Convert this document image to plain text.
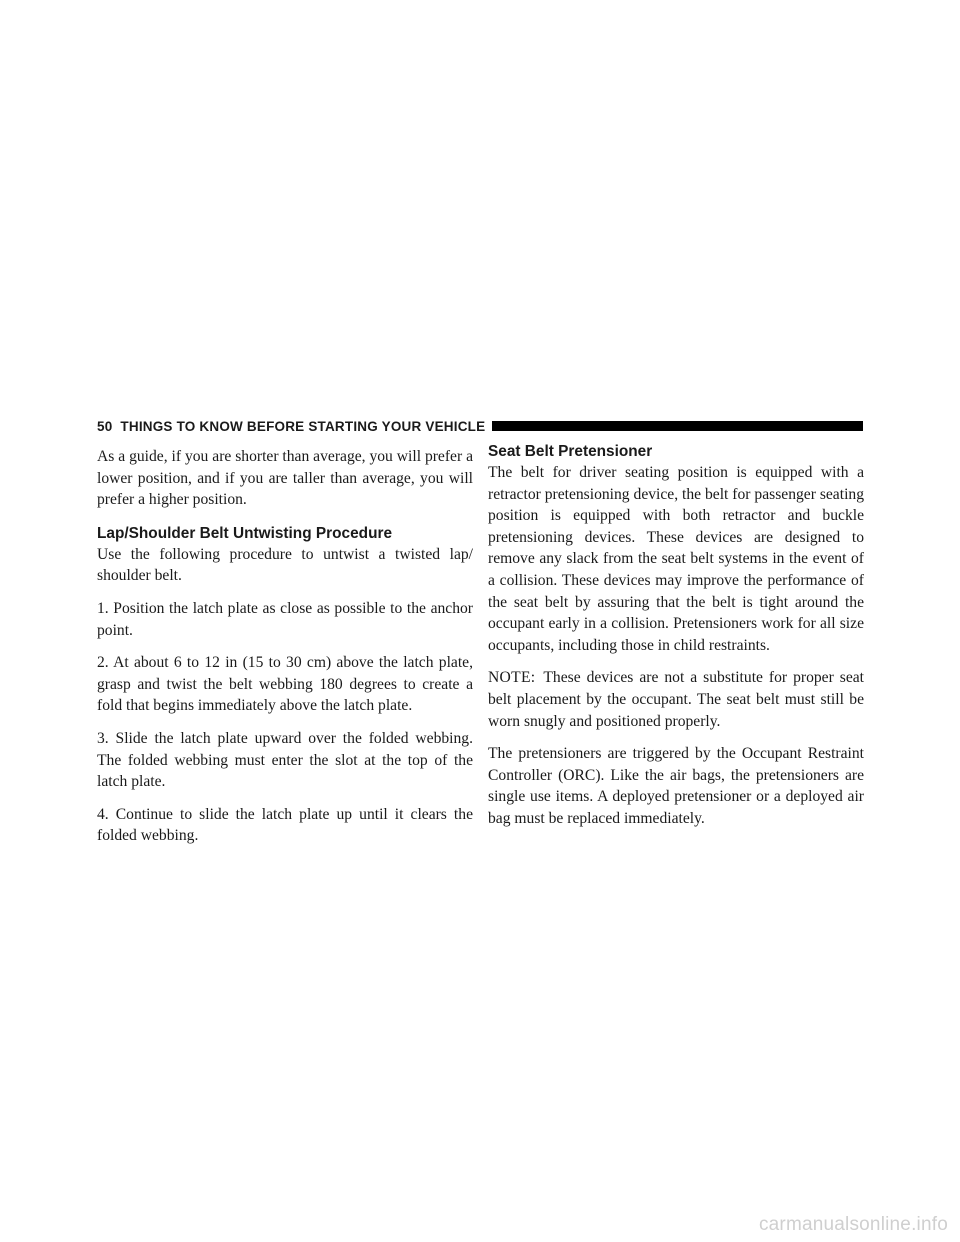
50 THINGS TO KNOW BEFORE STARTING YOUR VEHICLE

As a guide, if you are shorter than average, you will prefer a lower position, and if you are taller than average, you will prefer a higher position.

Lap/Shoulder Belt Untwisting Procedure

Use the following procedure to untwist a twisted lap/ shoulder belt.

1. Position the latch plate as close as possible to the anchor point.

2. At about 6 to 12 in (15 to 30 cm) above the latch plate, grasp and twist the belt webbing 180 degrees to create a fold that begins immediately above the latch plate.

3. Slide the latch plate upward over the folded webbing. The folded webbing must enter the slot at the top of the latch plate.

4. Continue to slide the latch plate up until it clears the folded webbing.

Seat Belt Pretensioner

The belt for driver seating position is equipped with a retractor pretensioning device, the belt for passenger seating position is equipped with both retractor and buckle pretensioning devices. These devices are designed to remove any slack from the seat belt systems in the event of a collision. These devices may improve the performance of the seat belt by assuring that the belt is tight around the occupant early in a collision. Pretensioners work for all size occupants, including those in child restraints.

NOTE: These devices are not a substitute for proper seat belt placement by the occupant. The seat belt must still be worn snugly and positioned properly.

The pretensioners are triggered by the Occupant Restraint Controller (ORC). Like the air bags, the pretensioners are single use items. A deployed pretensioner or a deployed air bag must be replaced immediately.

carmanualsonline.info
